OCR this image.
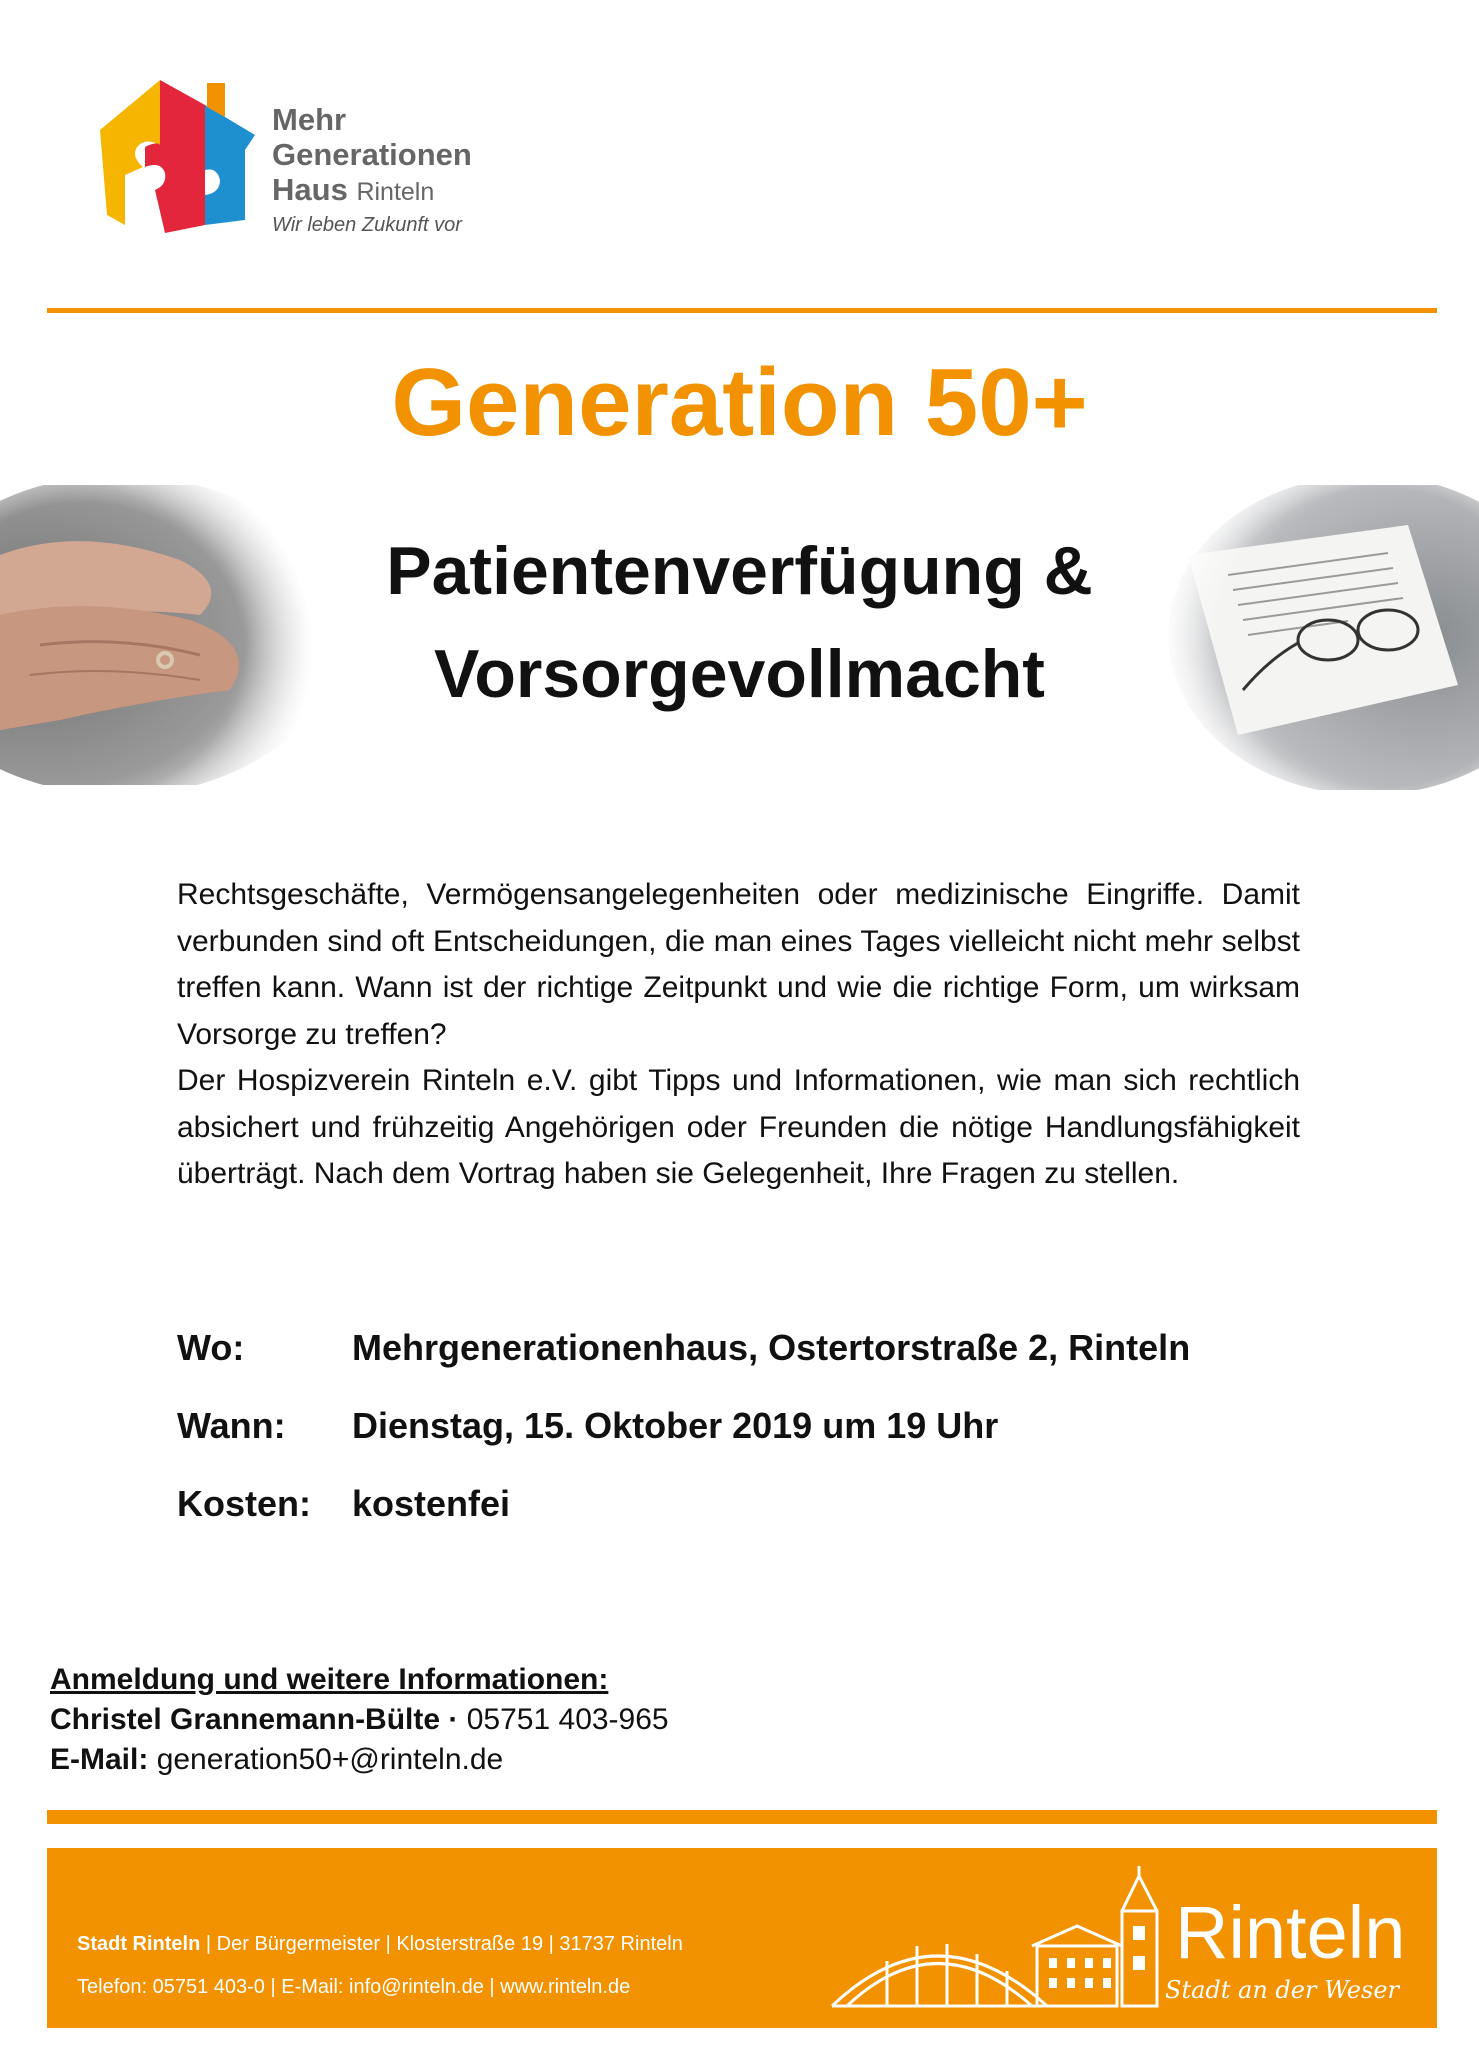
Mehr
Generationen
Haus Rinteln
Wir leben Zukunft vor
Generation 50+
Patientenverfügung &
Vorsorgevollmacht

Rechtsgeschäfte, Vermögensangelegenheiten oder medizinische Eingriffe. Damit verbunden sind oft Entscheidungen, die man eines Tages vielleicht nicht mehr selbst treffen kann. Wann ist der richtige Zeitpunkt und wie die richtige Form, um wirksam Vorsorge zu treffen?

Der Hospizverein Rinteln e.V. gibt Tipps und Informationen, wie man sich rechtlich absichert und frühzeitig Angehörigen oder Freunden die nötige Handlungsfähigkeit überträgt. Nach dem Vortrag haben sie Gelegenheit, Ihre Fragen zu stellen.

Wo:	Mehrgenerationenhaus, Ostertorstraße 2, Rinteln
Wann: Dienstag, 15. Oktober 2019 um 19 Uhr
Kosten: kostenfei
Anmeldung und weitere Informationen:
Christel Grannemann-Bülte · 05751 403-965
E-Mail: generation50+@rinteln.de
Stadt Rinteln | Der Bürgermeister | Klosterstraße 19 | 31737 Rinteln
Telefon: 05751 403-0 | E-Mail: info@rinteln.de | www.rinteln.de
Rinteln
Stadt an der Weser
